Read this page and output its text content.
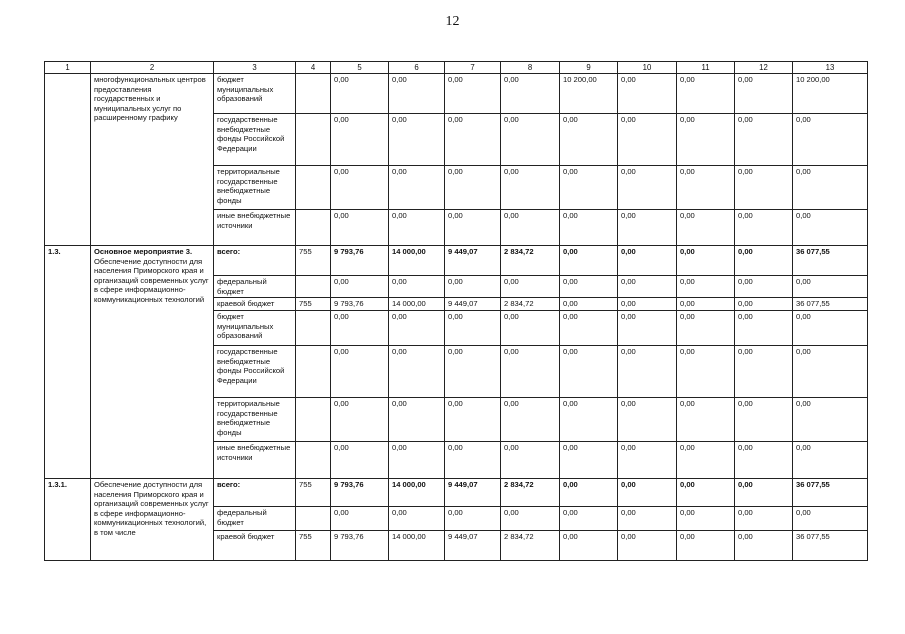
12
1	2	3	4	5	6	7	8	9	10	11	12	13
	многофункциональных центров предоставления государственных и муниципальных услуг по расширенному графику	бюджет муниципальных образований		0,00	0,00	0,00	0,00	10 200,00	0,00	0,00	0,00	10 200,00
		государственные внебюджетные фонды Российской Федерации		0,00	0,00	0,00	0,00	0,00	0,00	0,00	0,00	0,00
		территориальные государственные внебюджетные фонды		0,00	0,00	0,00	0,00	0,00	0,00	0,00	0,00	0,00
		иные внебюджетные источники		0,00	0,00	0,00	0,00	0,00	0,00	0,00	0,00	0,00
1.3.	Основное мероприятие 3. Обеспечение доступности для населения Приморского края и организаций современных услуг в сфере информационно-коммуникационных технологий	всего:	755	9 793,76	14 000,00	9 449,07	2 834,72	0,00	0,00	0,00	0,00	36 077,55
		федеральный бюджет		0,00	0,00	0,00	0,00	0,00	0,00	0,00	0,00	0,00
		краевой бюджет	755	9 793,76	14 000,00	9 449,07	2 834,72	0,00	0,00	0,00	0,00	36 077,55
		бюджет муниципальных образований		0,00	0,00	0,00	0,00	0,00	0,00	0,00	0,00	0,00
		государственные внебюджетные фонды Российской Федерации		0,00	0,00	0,00	0,00	0,00	0,00	0,00	0,00	0,00
		территориальные государственные внебюджетные фонды		0,00	0,00	0,00	0,00	0,00	0,00	0,00	0,00	0,00
		иные внебюджетные источники		0,00	0,00	0,00	0,00	0,00	0,00	0,00	0,00	0,00
1.3.1.	Обеспечение доступности для населения Приморского края и организаций современных услуг в сфере информационно-коммуникационных технологий, в том числе	всего:	755	9 793,76	14 000,00	9 449,07	2 834,72	0,00	0,00	0,00	0,00	36 077,55
		федеральный бюджет		0,00	0,00	0,00	0,00	0,00	0,00	0,00	0,00	0,00
		краевой бюджет	755	9 793,76	14 000,00	9 449,07	2 834,72	0,00	0,00	0,00	0,00	36 077,55
